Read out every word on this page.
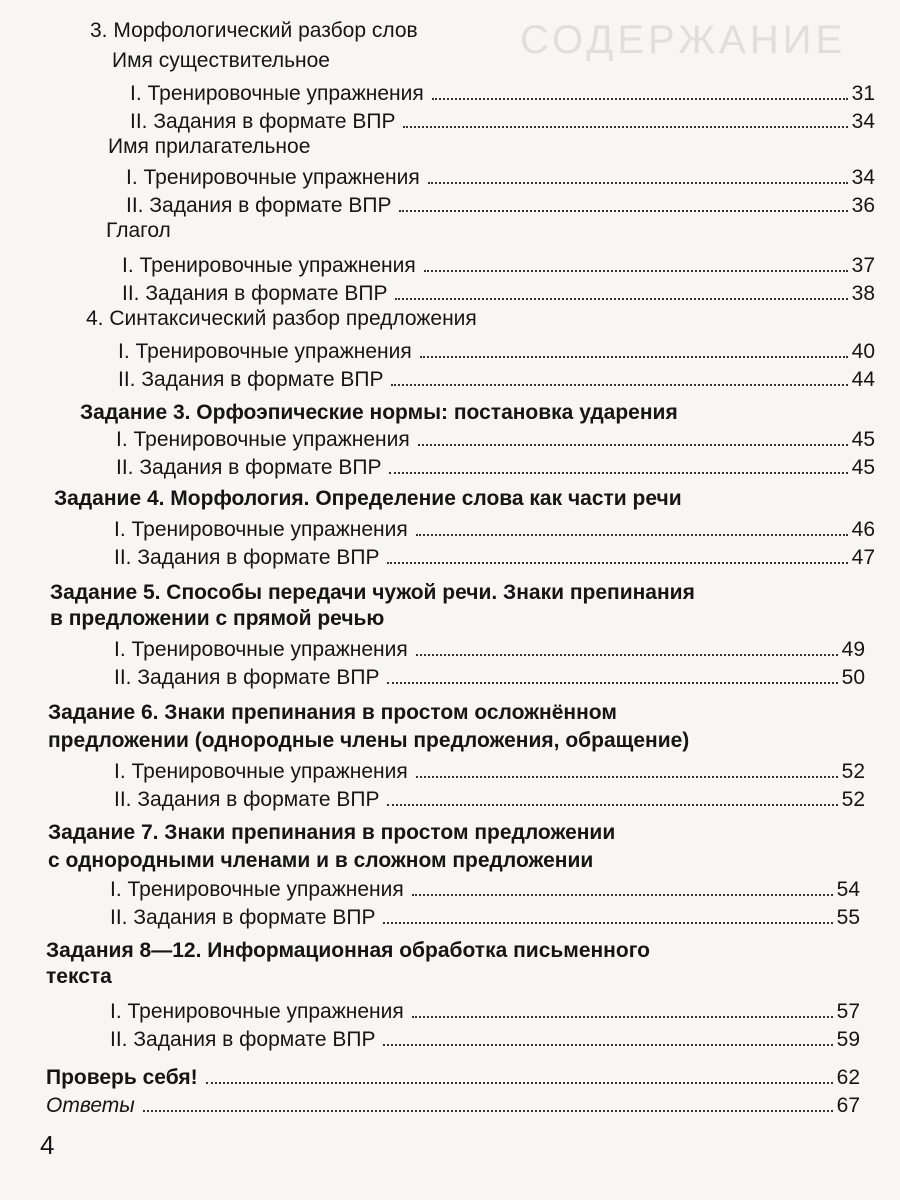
СОДЕРЖАНИЕ
3. Морфологический разбор слов
Имя существительное
I. Тренировочные упражнения	31
II. Задания в формате ВПР	34
Имя прилагательное
I. Тренировочные упражнения	34
II. Задания в формате ВПР	36
Глагол
I. Тренировочные упражнения	37
II. Задания в формате ВПР	38
4. Синтаксический разбор предложения
I. Тренировочные упражнения	40
II. Задания в формате ВПР	44
Задание 3. Орфоэпические нормы: постановка ударения
I. Тренировочные упражнения	45
II. Задания в формате ВПР	45
Задание 4. Морфология. Определение слова как части речи
I. Тренировочные упражнения	46
II. Задания в формате ВПР	47
Задание 5. Способы передачи чужой речи. Знаки препинания
в предложении с прямой речью
I. Тренировочные упражнения	49
II. Задания в формате ВПР	50
Задание 6. Знаки препинания в простом осложнённом
предложении (однородные члены предложения, обращение)
I. Тренировочные упражнения	52
II. Задания в формате ВПР	52
Задание 7. Знаки препинания в простом предложении
с однородными членами и в сложном предложении
I. Тренировочные упражнения	54
II. Задания в формате ВПР	55
Задания 8—12. Информационная обработка письменного
текста
I. Тренировочные упражнения	57
II. Задания в формате ВПР	59
Проверь себя!	62
Ответы	67
4
